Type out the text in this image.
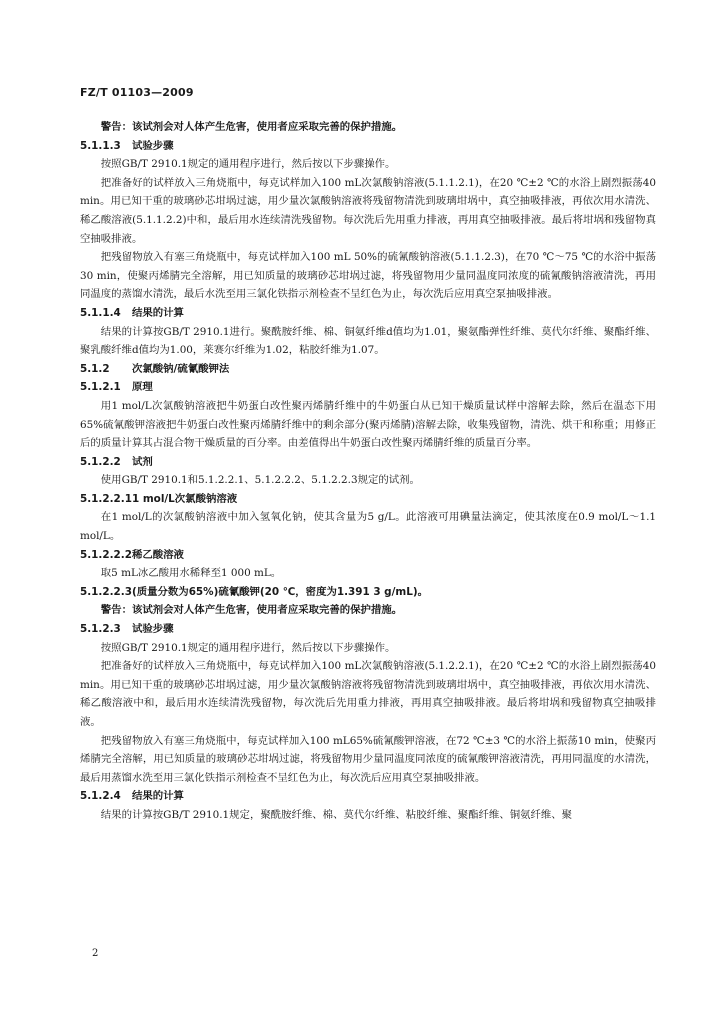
FZ/T 01103—2009

警告：该试剂会对人体产生危害，使用者应采取完善的保护措施。

5.1.1.3 试验步骤

按照GB/T 2910.1规定的通用程序进行，然后按以下步骤操作。

把准备好的试样放入三角烧瓶中，每克试样加入100 mL次氯酸钠溶液(5.1.1.2.1)，在20 ℃±2 ℃的水浴上剧烈振荡40 min。用已知干重的玻璃砂芯坩埚过滤，用少量次氯酸钠溶液将残留物清洗到玻璃坩埚中，真空抽吸排液，再依次用水清洗、稀乙酸溶液(5.1.1.2.2)中和，最后用水连续清洗残留物。每次洗后先用重力排液，再用真空抽吸排液。最后将坩埚和残留物真空抽吸排液。

把残留物放入有塞三角烧瓶中，每克试样加入100 mL 50%的硫氰酸钠溶液(5.1.1.2.3)，在70 ℃～75 ℃的水浴中振荡30 min，使聚丙烯腈完全溶解，用已知质量的玻璃砂芯坩埚过滤，将残留物用少量同温度同浓度的硫氰酸钠溶液清洗，再用同温度的蒸馏水清洗，最后水洗至用三氯化铁指示剂检查不呈红色为止，每次洗后应用真空泵抽吸排液。

5.1.1.4 结果的计算

结果的计算按GB/T 2910.1进行。聚酰胺纤维、棉、铜氨纤维d值均为1.01，聚氨酯弹性纤维、莫代尔纤维、聚酯纤维、聚乳酸纤维d值均为1.00，莱赛尔纤维为1.02，粘胶纤维为1.07。

5.1.2 次氯酸钠/硫氰酸钾法
5.1.2.1 原理

用1 mol/L次氯酸钠溶液把牛奶蛋白改性聚丙烯腈纤维中的牛奶蛋白从已知干燥质量试样中溶解去除，然后在温态下用65%硫氰酸钾溶液把牛奶蛋白改性聚丙烯腈纤维中的剩余部分(聚丙烯腈)溶解去除，收集残留物，清洗、烘干和称重；用修正后的质量计算其占混合物干燥质量的百分率。由差值得出牛奶蛋白改性聚丙烯腈纤维的质量百分率。

5.1.2.2 试剂

使用GB/T 2910.1和5.1.2.2.1、5.1.2.2.2、5.1.2.2.3规定的试剂。

5.1.2.2.11 mol/L次氯酸钠溶液

在1 mol/L的次氯酸钠溶液中加入氢氧化钠，使其含量为5 g/L。此溶液可用碘量法滴定，使其浓度在0.9 mol/L～1.1 mol/L。

5.1.2.2.2稀乙酸溶液

取5 mL冰乙酸用水稀释至1 000 mL。

5.1.2.2.3(质量分数为65%)硫氰酸钾(20 ℃，密度为1.391 3 g/mL)。

警告：该试剂会对人体产生危害，使用者应采取完善的保护措施。

5.1.2.3 试验步骤

按照GB/T 2910.1规定的通用程序进行，然后按以下步骤操作。

把准备好的试样放入三角烧瓶中，每克试样加入100 mL次氯酸钠溶液(5.1.2.2.1)，在20 ℃±2 ℃的水浴上剧烈振荡40 min。用已知干重的玻璃砂芯坩埚过滤，用少量次氯酸钠溶液将残留物清洗到玻璃坩埚中，真空抽吸排液，再依次用水清洗、稀乙酸溶液中和，最后用水连续清洗残留物，每次洗后先用重力排液，再用真空抽吸排液。最后将坩埚和残留物真空抽吸排液。

把残留物放入有塞三角烧瓶中，每克试样加入100 mL65%硫氰酸钾溶液，在72 ℃±3 ℃的水浴上振荡10 min，使聚丙烯腈完全溶解，用已知质量的玻璃砂芯坩埚过滤，将残留物用少量同温度同浓度的硫氰酸钾溶液清洗，再用同温度的水清洗，最后用蒸馏水洗至用三氯化铁指示剂检查不呈红色为止，每次洗后应用真空泵抽吸排液。

5.1.2.4 结果的计算

结果的计算按GB/T 2910.1规定，聚酰胺纤维、棉、莫代尔纤维、粘胶纤维、聚酯纤维、铜氨纤维、聚

2
